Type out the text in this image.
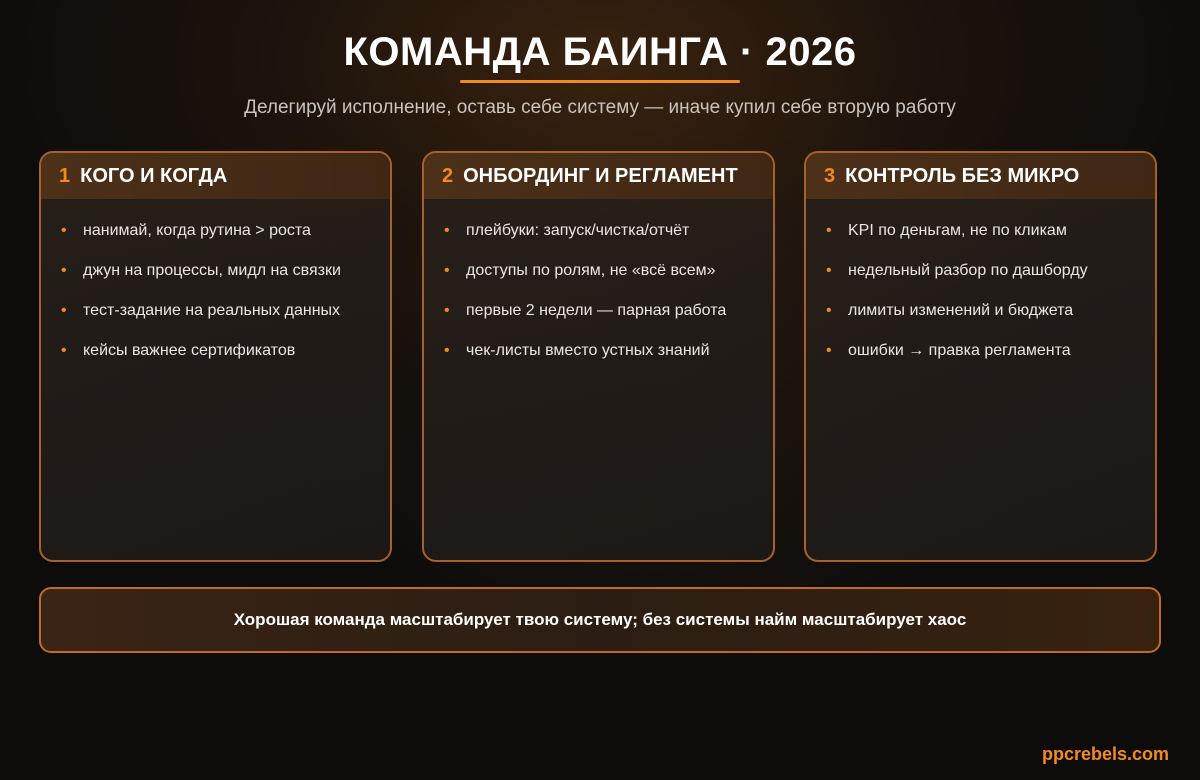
КОМАНДА БАИНГА · 2026
Делегируй исполнение, оставь себе систему — иначе купил себе вторую работу
1 КОГО И КОГДА
• нанимай, когда рутина > роста
• джун на процессы, мидл на связки
• тест-задание на реальных данных
• кейсы важнее сертификатов
2 ОНБОРДИНГ И РЕГЛАМЕНТ
• плейбуки: запуск/чистка/отчёт
• доступы по ролям, не «всё всем»
• первые 2 недели — парная работа
• чек-листы вместо устных знаний
3 КОНТРОЛЬ БЕЗ МИКРО
• KPI по деньгам, не по кликам
• недельный разбор по дашборду
• лимиты изменений и бюджета
• ошибки → правка регламента
Хорошая команда масштабирует твою систему; без системы найм масштабирует хаос
ppcrebels.com
